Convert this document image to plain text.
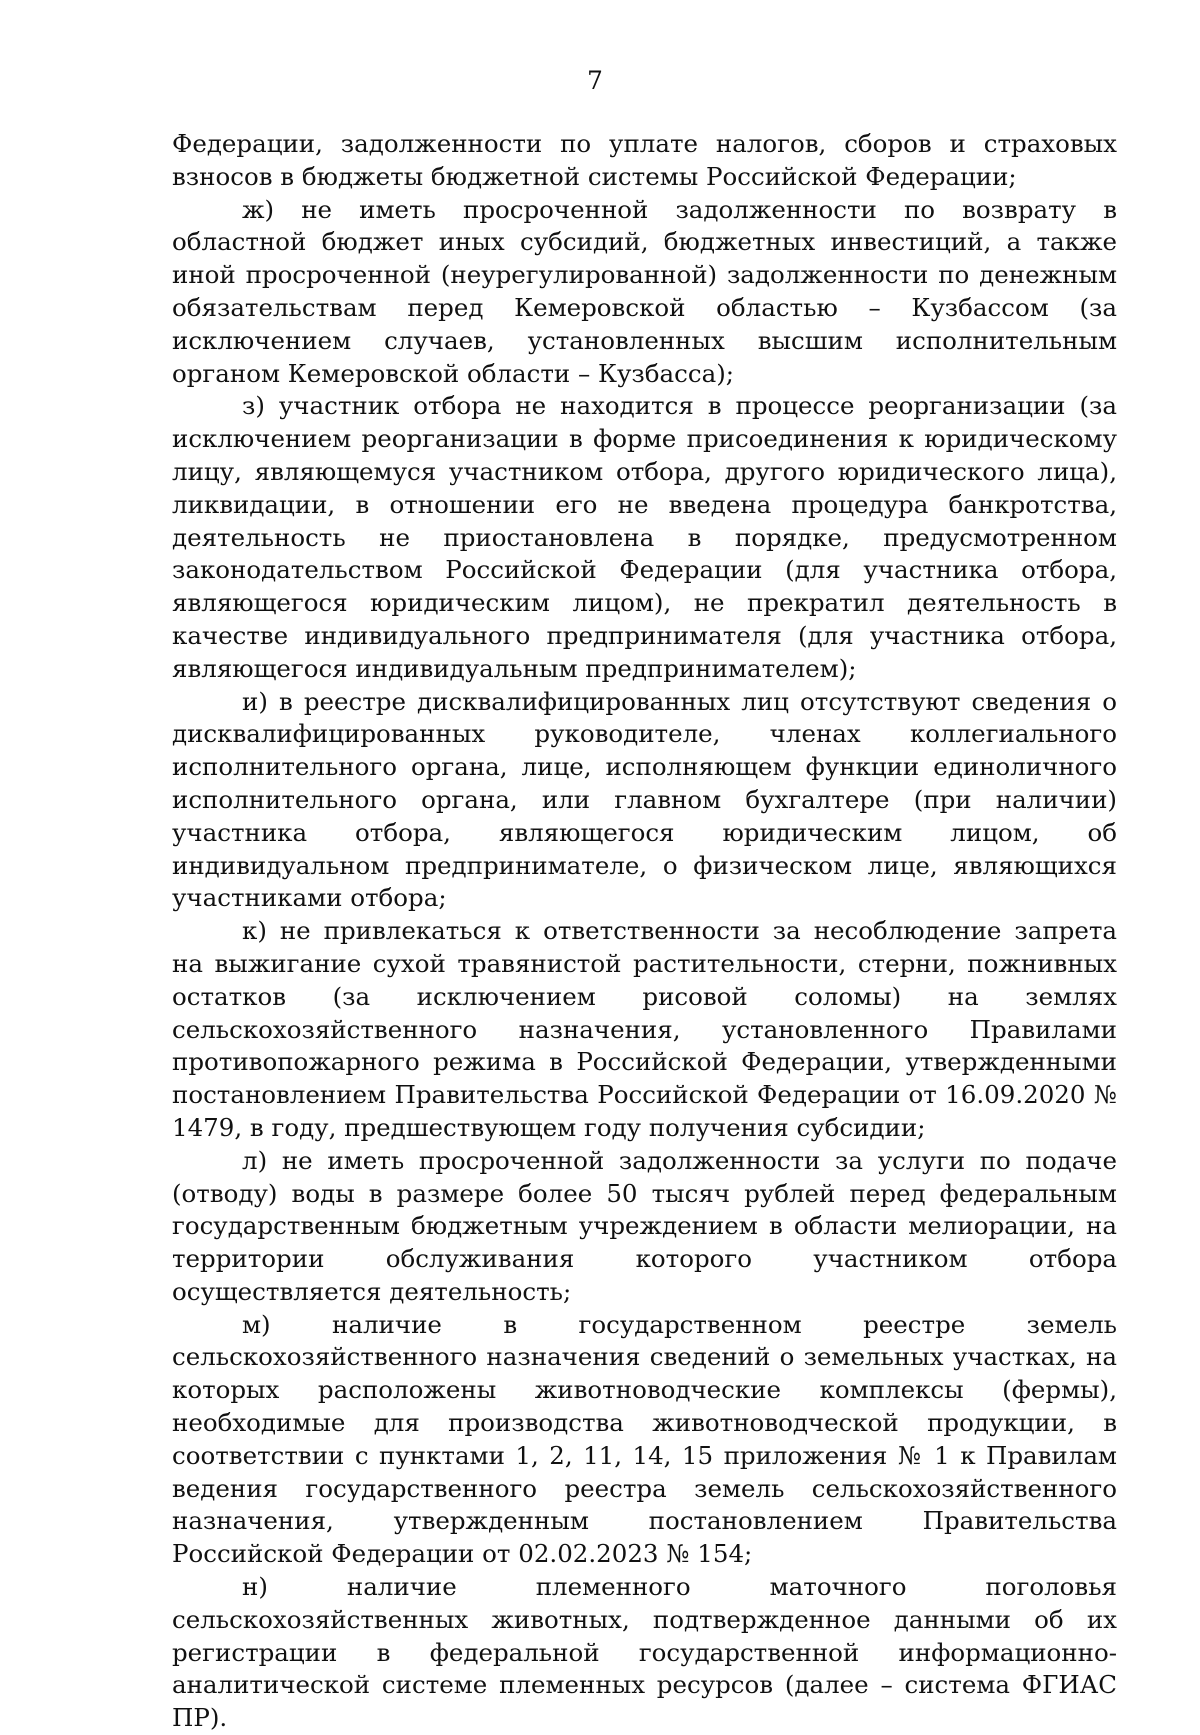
7

Федерации, задолженности по уплате налогов, сборов и страховых взносов в бюджеты бюджетной системы Российской Федерации;

ж) не иметь просроченной задолженности по возврату в областной бюджет иных субсидий, бюджетных инвестиций, а также иной просроченной (неурегулированной) задолженности по денежным обязательствам перед Кемеровской областью – Кузбассом (за исключением случаев, установленных высшим исполнительным органом Кемеровской области – Кузбасса);

з) участник отбора не находится в процессе реорганизации (за исключением реорганизации в форме присоединения к юридическому лицу, являющемуся участником отбора, другого юридического лица), ликвидации, в отношении его не введена процедура банкротства, деятельность не приостановлена в порядке, предусмотренном законодательством Российской Федерации (для участника отбора, являющегося юридическим лицом), не прекратил деятельность в качестве индивидуального предпринимателя (для участника отбора, являющегося индивидуальным предпринимателем);

и) в реестре дисквалифицированных лиц отсутствуют сведения о дисквалифицированных руководителе, членах коллегиального исполнительного органа, лице, исполняющем функции единоличного исполнительного органа, или главном бухгалтере (при наличии) участника отбора, являющегося юридическим лицом, об индивидуальном предпринимателе, о физическом лице, являющихся участниками отбора;

к) не привлекаться к ответственности за несоблюдение запрета на выжигание сухой травянистой растительности, стерни, пожнивных остатков (за исключением рисовой соломы) на землях сельскохозяйственного назначения, установленного Правилами противопожарного режима в Российской Федерации, утвержденными постановлением Правительства Российской Федерации от 16.09.2020 № 1479, в году, предшествующем году получения субсидии;

л) не иметь просроченной задолженности за услуги по подаче (отводу) воды в размере более 50 тысяч рублей перед федеральным государственным бюджетным учреждением в области мелиорации, на территории обслуживания которого участником отбора осуществляется деятельность;

м) наличие в государственном реестре земель сельскохозяйственного назначения сведений о земельных участках, на которых расположены животноводческие комплексы (фермы), необходимые для производства животноводческой продукции, в соответствии с пунктами 1, 2, 11, 14, 15 приложения № 1 к Правилам ведения государственного реестра земель сельскохозяйственного назначения, утвержденным постановлением Правительства Российской Федерации от 02.02.2023 № 154;

н) наличие племенного маточного поголовья сельскохозяйственных животных, подтвержденное данными об их регистрации в федеральной государственной информационно-аналитической системе племенных ресурсов (далее – система ФГИАС ПР).
